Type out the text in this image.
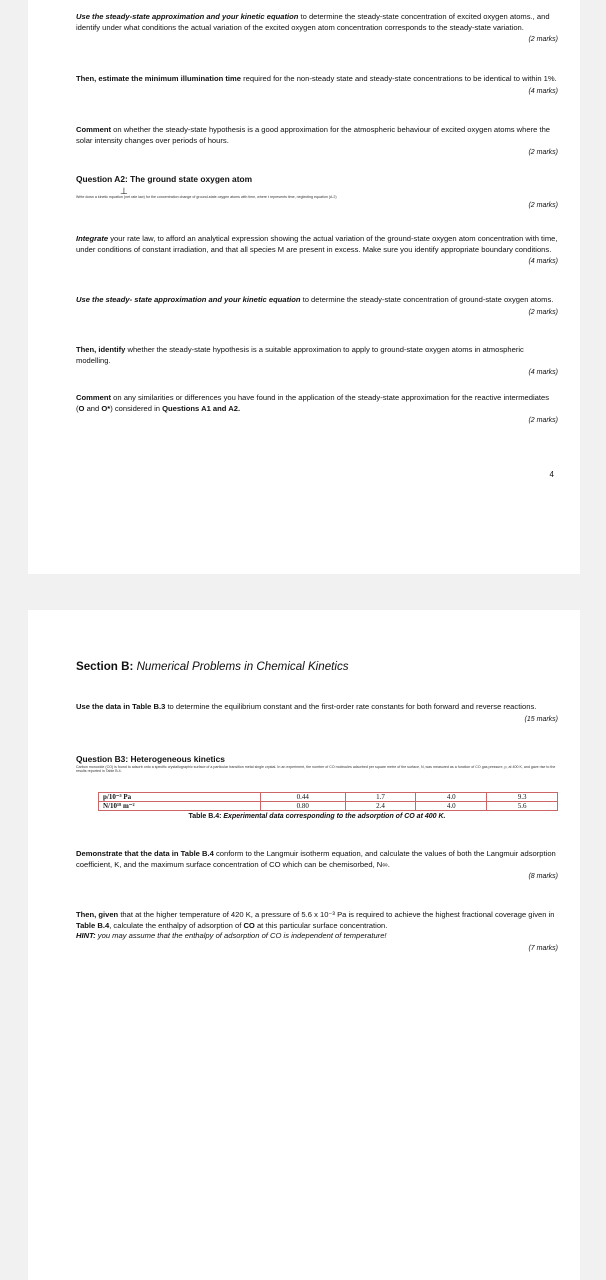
Use the steady-state approximation and your kinetic equation to determine the steady-state concentration of excited oxygen atoms., and identify under what conditions the actual variation of the excited oxygen atom concentration corresponds to the steady-state variation.
(2 marks)
Then, estimate the minimum illumination time required for the non-steady state and steady-state concentrations to be identical to within 1%.
(4 marks)
Comment on whether the steady-state hypothesis is a good approximation for the atmospheric behaviour of excited oxygen atoms where the solar intensity changes over periods of hours.
(2 marks)
Question A2: The ground state oxygen atom
⊥
Write down a kinetic equation (net rate law) for the concentration change of ground-state oxygen atoms with time, where t represents time, neglecting equation (A.2)
(2 marks)
Integrate your rate law, to afford an analytical expression showing the actual variation of the ground-state oxygen atom concentration with time, under conditions of constant irradiation, and that all species M are present in excess. Make sure you identify appropriate boundary conditions.
(4 marks)
Use the steady- state approximation and your kinetic equation to determine the steady-state concentration of ground-state oxygen atoms.
(2 marks)
Then, identify whether the steady-state hypothesis is a suitable approximation to apply to ground-state oxygen atoms in atmospheric modelling.
(4 marks)
Comment on any similarities or differences you have found in the application of the steady-state approximation for the reactive intermediates (O and O*) considered in Questions A1 and A2.
(2 marks)
4
Section B: Numerical Problems in Chemical Kinetics
Use the data in Table B.3 to determine the equilibrium constant and the first-order rate constants for both forward and reverse reactions.
(15 marks)
Question B3: Heterogeneous kinetics
Carbon monoxide (CO) is found to adsorb onto a specific crystallographic surface of a particular transition metal single crystal. In an experiment, the number of CO molecules adsorbed per square metre of the surface, N, was measured as a function of CO gas pressure, p, at 400 K, and gave rise to the results reported in Table B.4.
p/10⁻³ Pa	0.44	1.7	4.0	9.3
N/10¹⁸ m⁻²	0.80	2.4	4.0	5.6
Table B.4: Experimental data corresponding to the adsorption of CO at 400 K.
Demonstrate that the data in Table B.4 conform to the Langmuir isotherm equation, and calculate the values of both the Langmuir adsorption coefficient, K, and the maximum surface concentration of CO which can be chemisorbed, N∞.
(8 marks)
Then, given that at the higher temperature of 420 K, a pressure of 5.6 x 10⁻³ Pa is required to achieve the highest fractional coverage given in Table B.4, calculate the enthalpy of adsorption of CO at this particular surface concentration.
HINT: you may assume that the enthalpy of adsorption of CO is independent of temperature!
(7 marks)
